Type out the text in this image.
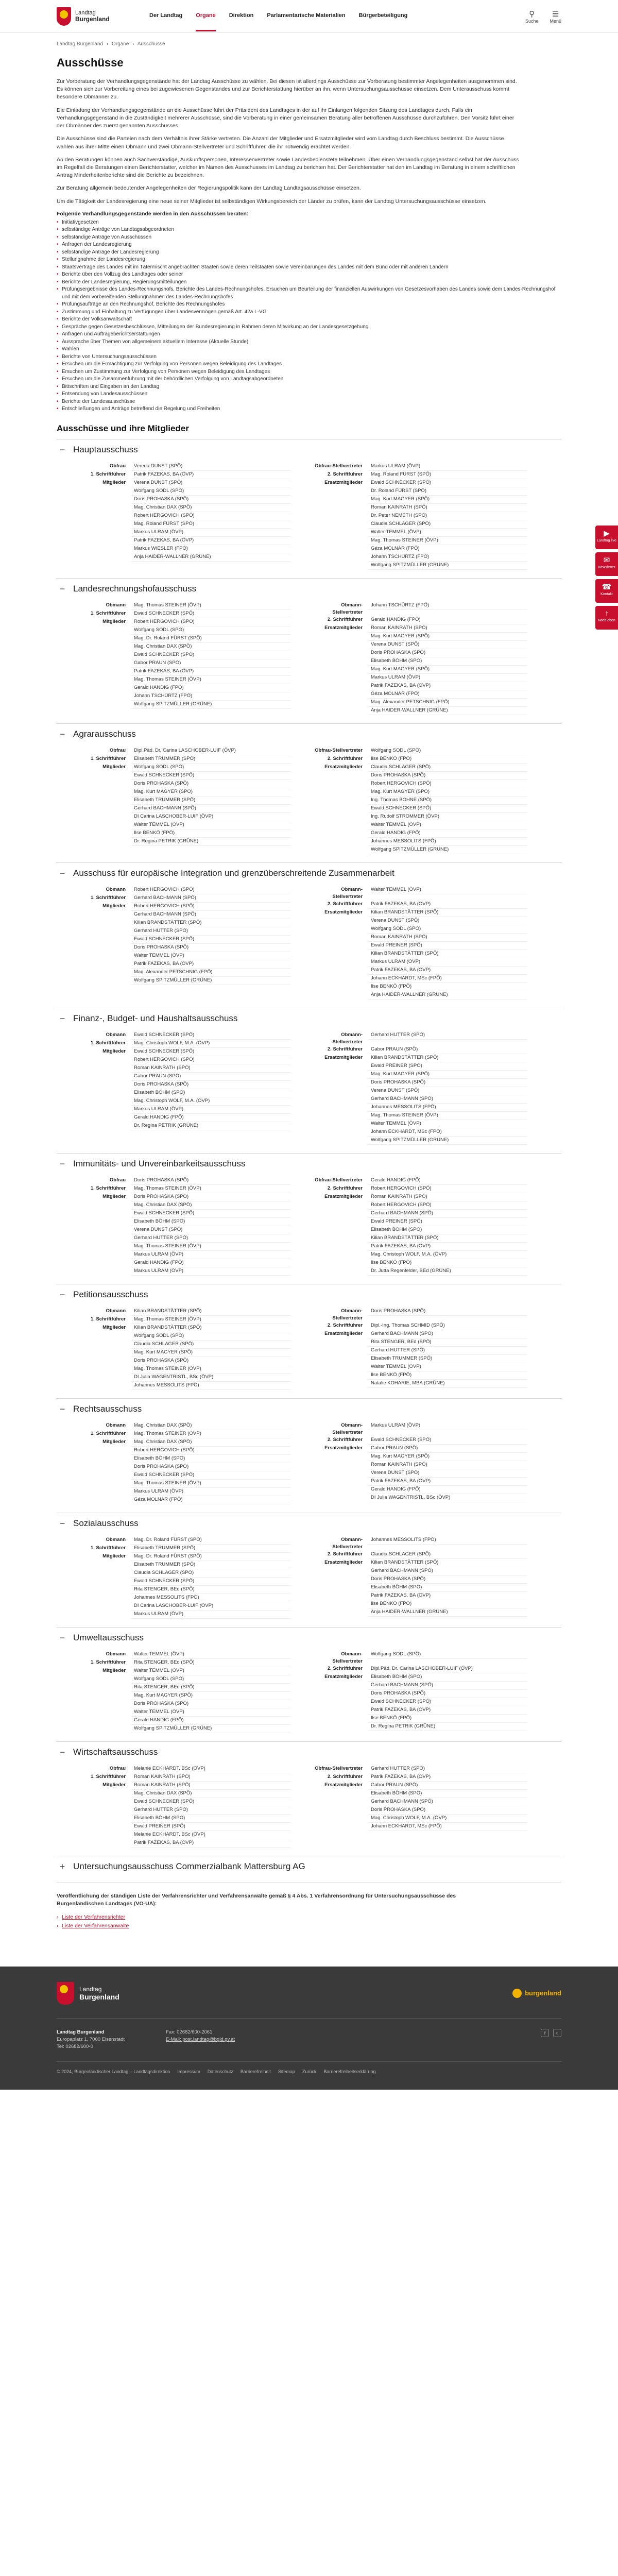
Landtag
Burgenland	Der Landtag Organe Direktion Parlamentarische Materialien Bürgerbeteiligung	⚲
Suche
☰
Menü
▶
Landtag live
✉
Newsletter
☎
Kontakt
↑
Nach oben
Landtag Burgenland › Organe › Ausschüsse
Ausschüsse

Zur Vorberatung der Verhandlungsgegenstände hat der Landtag Ausschüsse zu wählen. Bei diesen ist allerdings Ausschüsse zur Vorberatung bestimmter Angelegenheiten ausgenommen sind. Es können sich zur Vorbereitung eines bei zugewiesenen Gegenstandes und zur Berichterstattung hierüber an ihn, wenn Untersuchungsausschüsse einsetzen. Dem Unterausschuss kommt besondere Obmänner zu.

Die Einladung der Verhandlungsgegenstände an die Ausschüsse führt der Präsident des Landtages in der auf ihr Einlangen folgenden Sitzung des Landtages durch. Falls ein Verhandlungsgegenstand in die Zuständigkeit mehrerer Ausschüsse, sind die Vorberatung in einer gemeinsamen Beratung aller betroffenen Ausschüsse durchzuführen. Den Vorsitz führt einer der Obmänner des zuerst genannten Ausschusses.

Die Ausschüsse sind die Parteien nach dem Verhältnis ihrer Stärke vertreten. Die Anzahl der Mitglieder und Ersatzmitglieder wird vom Landtag durch Beschluss bestimmt. Die Ausschüsse wählen aus ihrer Mitte einen Obmann und zwei Obmann-Stellvertreter und Schriftführer, die ihr notwendig erachtet werden.

An den Beratungen können auch Sachverständige, Auskunftspersonen, Interessenvertreter sowie Landesbedienstete teilnehmen. Über einen Verhandlungsgegenstand selbst hat der Ausschuss im Regelfall die Beratungen einen Berichterstatter, welcher im Namen des Ausschusses im Landtag zu berichten hat. Der Berichterstatter hat den im Landtag im Beratung in einem schriftlichen Antrag Minderheitenberichte sind die Berichte zu bezeichnen.

Zur Beratung allgemein bedeutender Angelegenheiten der Regierungspolitik kann der Landtag Landtagsausschüsse einsetzen.

Um die Tätigkeit der Landesregierung eine neue seiner Mitglieder ist selbständigen Wirkungsbereich der Länder zu prüfen, kann der Landtag Untersuchungsausschüsse einsetzen.

Folgende Verhandlungsgegenstände werden in den Ausschüssen beraten:
• Initiativgesetzen
• selbständige Anträge von Landtagsabgeordneten
• selbständige Anträge von Ausschüssen
• Anfragen der Landesregierung
• selbständige Anträge der Landesregierung
• Stellungnahme der Landesregierung
• Staatsverträge des Landes mit im Tätermischt angebrachten Staaten sowie deren Teilstaaten sowie Vereinbarungen des Landes mit dem Bund oder mit anderen Ländern
• Berichte über den Vollzug des Landtages oder seiner
• Berichte der Landesregierung, Regierungsmitteilungen
• Prüfungsergebnisse des Landes-Rechnungshofs, Berichte des Landes-Rechnungshofes, Ersuchen um Beurteilung der finanziellen Auswirkungen von Gesetzesvorhaben des Landes sowie dem Landes-Rechnungshof und mit dem vorbereitenden Stellungnahmen des Landes-Rechnungshofes
• Prüfungsaufträge an den Rechnungshof, Berichte des Rechnungshofes
• Zustimmung und Einhaltung zu Verfügungen über Landesvermögen gemäß Art. 42a L-VG
• Berichte der Volksanwaltschaft
• Gespräche gegen Gesetzesbeschlüssen, Mitteilungen der Bundesregierung in Rahmen deren Mitwirkung an der Landesgesetzgebung
• Anfragen und Aufträgeberichtserstattungen
• Aussprache über Themen von allgemeinem aktuellem Interesse (Aktuelle Stunde)
• Wahlen
• Berichte von Untersuchungsausschüssen
• Ersuchen um die Ermächtigung zur Verfolgung von Personen wegen Beleidigung des Landtages
• Ersuchen um Zustimmung zur Verfolgung von Personen wegen Beleidigung des Landtages
• Ersuchen um die Zusammenführung mit der behördlichen Verfolgung von Landtagsabgeordneten
• Bittschriften und Eingaben an den Landtag
• Entsendung von Landesausschüssen
• Berichte der Landesausschüsse
• Entschließungen und Anträge betreffend die Regelung und Freiheiten
Ausschüsse und ihre Mitglieder
− Hauptausschuss
Obfrau	Verena DUNST (SPÖ)
1. Schriftführer	Patrik FAZEKAS, BA (ÖVP)
Mitglieder	Verena DUNST (SPÖ)
Wolfgang SODL (SPÖ)
Doris PROHASKA (SPÖ)
Mag. Christian DAX (SPÖ)
Robert HERGOVICH (SPÖ)
Mag. Roland FÜRST (SPÖ)
Markus ULRAM (ÖVP)
Patrik FAZEKAS, BA (ÖVP)
Markus WIESLER (FPÖ)
Anja HAIDER-WALLNER (GRÜNE)
Obfrau-Stellvertreter	Markus ULRAM (ÖVP)
2. Schriftführer	Mag. Roland FÜRST (SPÖ)
Ersatzmitglieder	Ewald SCHNECKER (SPÖ)
Dr. Roland FÜRST (SPÖ)
Mag. Kurt MAGYER (SPÖ)
Roman KAINRATH (SPÖ)
Dr. Peter NEMETH (SPÖ)
Claudia SCHLAGER (SPÖ)
Walter TEMMEL (ÖVP)
Mag. Thomas STEINER (ÖVP)
Géza MOLNÁR (FPÖ)
Johann TSCHÜRTZ (FPÖ)
Wolfgang SPITZMÜLLER (GRÜNE)
− Landesrechnungshofausschuss
Obmann	Mag. Thomas STEINER (ÖVP)
1. Schriftführer	Ewald SCHNECKER (SPÖ)
Mitglieder	Robert HERGOVICH (SPÖ)
Wolfgang SODL (SPÖ)
Mag. Dr. Roland FÜRST (SPÖ)
Mag. Christian DAX (SPÖ)
Ewald SCHNECKER (SPÖ)
Gabor PRAUN (SPÖ)
Patrik FAZEKAS, BA (ÖVP)
Mag. Thomas STEINER (ÖVP)
Gerald HANDIG (FPÖ)
Johann TSCHÜRTZ (FPÖ)
Wolfgang SPITZMÜLLER (GRÜNE)
Obmann-Stellvertreter
Johann TSCHÜRTZ (FPÖ)
2. Schriftführer	Gerald HANDIG (FPÖ)
Ersatzmitglieder	Roman KAINRATH (SPÖ)
Mag. Kurt MAGYER (SPÖ)
Verena DUNST (SPÖ)
Doris PROHASKA (SPÖ)
Elisabeth BÖHM (SPÖ)
Mag. Kurt MAGYER (SPÖ)
Markus ULRAM (ÖVP)
Patrik FAZEKAS, BA (ÖVP)
Géza MOLNÁR (FPÖ)
Mag. Alexander PETSCHNIG (FPÖ)
Anja HAIDER-WALLNER (GRÜNE)
− Agrarausschuss
Obfrau	Dipl.Päd. Dr. Carina LASCHOBER-LUIF (ÖVP)
1. Schriftführer	Elisabeth TRUMMER (SPÖ)
Mitglieder	Wolfgang SODL (SPÖ)
Ewald SCHNECKER (SPÖ)
Doris PROHASKA (SPÖ)
Mag. Kurt MAGYER (SPÖ)
Elisabeth TRUMMER (SPÖ)
Gerhard BACHMANN (SPÖ)
DI Carina LASCHOBER-LUIF (ÖVP)
Walter TEMMEL (ÖVP)
Ilse BENKÖ (FPÖ)
Dr. Regina PETRIK (GRÜNE)
Obfrau-Stellvertreter	Wolfgang SODL (SPÖ)
2. Schriftführer	Ilse BENKÖ (FPÖ)
Ersatzmitglieder	Claudia SCHLAGER (SPÖ)
Doris PROHASKA (SPÖ)
Robert HERGOVICH (SPÖ)
Mag. Kurt MAGYER (SPÖ)
Ing. Thomas BOHNE (SPÖ)
Ewald SCHNECKER (SPÖ)
Ing. Rudolf STROMMER (ÖVP)
Walter TEMMEL (ÖVP)
Gerald HANDIG (FPÖ)
Johannes MESSOLITS (FPÖ)
Wolfgang SPITZMÜLLER (GRÜNE)
− Ausschuss für europäische Integration und grenzüberschreitende Zusammenarbeit
Obmann	Robert HERGOVICH (SPÖ)
1. Schriftführer	Gerhard BACHMANN (SPÖ)
Mitglieder	Robert HERGOVICH (SPÖ)
Gerhard BACHMANN (SPÖ)
Kilian BRANDSTÄTTER (SPÖ)
Gerhard HUTTER (SPÖ)
Ewald SCHNECKER (SPÖ)
Doris PROHASKA (SPÖ)
Walter TEMMEL (ÖVP)
Patrik FAZEKAS, BA (ÖVP)
Mag. Alexander PETSCHNIG (FPÖ)
Wolfgang SPITZMÜLLER (GRÜNE)
Obmann-Stellvertreter
Walter TEMMEL (ÖVP)
2. Schriftführer	Patrik FAZEKAS, BA (ÖVP)
Ersatzmitglieder	Kilian BRANDSTÄTTER (SPÖ)
Verena DUNST (SPÖ)
Wolfgang SODL (SPÖ)
Roman KAINRATH (SPÖ)
Ewald PREINER (SPÖ)
Kilian BRANDSTÄTTER (SPÖ)
Markus ULRAM (ÖVP)
Patrik FAZEKAS, BA (ÖVP)
Johann ECKHARDT, MSc (FPÖ)
Ilse BENKÖ (FPÖ)
Anja HAIDER-WALLNER (GRÜNE)
− Finanz-, Budget- und Haushaltsausschuss
Obmann	Ewald SCHNECKER (SPÖ)
1. Schriftführer	Mag. Christoph WOLF, M.A. (ÖVP)
Mitglieder	Ewald SCHNECKER (SPÖ)
Robert HERGOVICH (SPÖ)
Roman KAINRATH (SPÖ)
Gabor PRAUN (SPÖ)
Doris PROHASKA (SPÖ)
Elisabeth BÖHM (SPÖ)
Mag. Christoph WOLF, M.A. (ÖVP)
Markus ULRAM (ÖVP)
Gerald HANDIG (FPÖ)
Dr. Regina PETRIK (GRÜNE)
Obmann-Stellvertreter
Gerhard HUTTER (SPÖ)
2. Schriftführer	Gabor PRAUN (SPÖ)
Ersatzmitglieder	Kilian BRANDSTÄTTER (SPÖ)
Ewald PREINER (SPÖ)
Mag. Kurt MAGYER (SPÖ)
Doris PROHASKA (SPÖ)
Verena DUNST (SPÖ)
Gerhard BACHMANN (SPÖ)
Johannes MESSOLITS (FPÖ)
Mag. Thomas STEINER (ÖVP)
Walter TEMMEL (ÖVP)
Johann ECKHARDT, MSc (FPÖ)
Wolfgang SPITZMÜLLER (GRÜNE)
− Immunitäts- und Unvereinbarkeitsausschuss
Obfrau	Doris PROHASKA (SPÖ)
1. Schriftführer	Mag. Thomas STEINER (ÖVP)
Mitglieder	Doris PROHASKA (SPÖ)
Mag. Christian DAX (SPÖ)
Ewald SCHNECKER (SPÖ)
Elisabeth BÖHM (SPÖ)
Verena DUNST (SPÖ)
Gerhard HUTTER (SPÖ)
Mag. Thomas STEINER (ÖVP)
Markus ULRAM (ÖVP)
Gerald HANDIG (FPÖ)
Markus ULRAM (ÖVP)
Obfrau-Stellvertreter	Gerald HANDIG (FPÖ)
2. Schriftführer	Robert HERGOVICH (SPÖ)
Ersatzmitglieder	Roman KAINRATH (SPÖ)
Robert HERGOVICH (SPÖ)
Gerhard BACHMANN (SPÖ)
Ewald PREINER (SPÖ)
Elisabeth BÖHM (SPÖ)
Kilian BRANDSTÄTTER (SPÖ)
Patrik FAZEKAS, BA (ÖVP)
Mag. Christoph WOLF, M.A. (ÖVP)
Ilse BENKÖ (FPÖ)
Dr. Jutta Regenfelder, BEd (GRÜNE)
− Petitionsausschuss
Obmann	Kilian BRANDSTÄTTER (SPÖ)
1. Schriftführer	Mag. Thomas STEINER (ÖVP)
Mitglieder	Kilian BRANDSTÄTTER (SPÖ)
Wolfgang SODL (SPÖ)
Claudia SCHLAGER (SPÖ)
Mag. Kurt MAGYER (SPÖ)
Doris PROHASKA (SPÖ)
Mag. Thomas STEINER (ÖVP)
DI Julia WAGENTRISTL, BSc (ÖVP)
Johannes MESSOLITS (FPÖ)
Obmann-Stellvertreter
Doris PROHASKA (SPÖ)
2. Schriftführer	Dipl.-Ing. Thomas SCHMID (SPÖ)
Ersatzmitglieder	Gerhard BACHMANN (SPÖ)
Rita STENGER, BEd (SPÖ)
Gerhard HUTTER (SPÖ)
Elisabeth TRUMMER (SPÖ)
Walter TEMMEL (ÖVP)
Ilse BENKÖ (FPÖ)
Natalie KOHARIE, MBA (GRÜNE)
− Rechtsausschuss
Obmann	Mag. Christian DAX (SPÖ)
1. Schriftführer	Mag. Thomas STEINER (ÖVP)
Mitglieder	Mag. Christian DAX (SPÖ)
Robert HERGOVICH (SPÖ)
Elisabeth BÖHM (SPÖ)
Doris PROHASKA (SPÖ)
Ewald SCHNECKER (SPÖ)
Mag. Thomas STEINER (ÖVP)
Markus ULRAM (ÖVP)
Géza MOLNÁR (FPÖ)
Obmann-Stellvertreter
Markus ULRAM (ÖVP)
2. Schriftführer	Ewald SCHNECKER (SPÖ)
Ersatzmitglieder	Gabor PRAUN (SPÖ)
Mag. Kurt MAGYER (SPÖ)
Roman KAINRATH (SPÖ)
Verena DUNST (SPÖ)
Patrik FAZEKAS, BA (ÖVP)
Gerald HANDIG (FPÖ)
DI Julia WAGENTRISTL, BSc (ÖVP)
− Sozialausschuss
Obmann	Mag. Dr. Roland FÜRST (SPÖ)
1. Schriftführer	Elisabeth TRUMMER (SPÖ)
Mitglieder	Mag. Dr. Roland FÜRST (SPÖ)
Elisabeth TRUMMER (SPÖ)
Claudia SCHLAGER (SPÖ)
Ewald SCHNECKER (SPÖ)
Rita STENGER, BEd (SPÖ)
Johannes MESSOLITS (FPÖ)
DI Carina LASCHOBER-LUIF (ÖVP)
Markus ULRAM (ÖVP)
Obmann-Stellvertreter
Johannes MESSOLITS (FPÖ)
2. Schriftführer	Claudia SCHLAGER (SPÖ)
Ersatzmitglieder	Kilian BRANDSTÄTTER (SPÖ)
Gerhard BACHMANN (SPÖ)
Doris PROHASKA (SPÖ)
Elisabeth BÖHM (SPÖ)
Patrik FAZEKAS, BA (ÖVP)
Ilse BENKÖ (FPÖ)
Anja HAIDER-WALLNER (GRÜNE)
− Umweltausschuss
Obmann	Walter TEMMEL (ÖVP)
1. Schriftführer	Rita STENGER, BEd (SPÖ)
Mitglieder	Walter TEMMEL (ÖVP)
Wolfgang SODL (SPÖ)
Rita STENGER, BEd (SPÖ)
Mag. Kurt MAGYER (SPÖ)
Doris PROHASKA (SPÖ)
Walter TEMMEL (ÖVP)
Gerald HANDIG (FPÖ)
Wolfgang SPITZMÜLLER (GRÜNE)
Obmann-Stellvertreter
Wolfgang SODL (SPÖ)
2. Schriftführer	Dipl.Päd. Dr. Carina LASCHOBER-LUIF (ÖVP)
Ersatzmitglieder	Elisabeth BÖHM (SPÖ)
Gerhard BACHMANN (SPÖ)
Doris PROHASKA (SPÖ)
Ewald SCHNECKER (SPÖ)
Patrik FAZEKAS, BA (ÖVP)
Ilse BENKÖ (FPÖ)
Dr. Regina PETRIK (GRÜNE)
− Wirtschaftsausschuss
Obfrau	Melanie ECKHARDT, BSc (ÖVP)
1. Schriftführer	Roman KAINRATH (SPÖ)
Mitglieder	Roman KAINRATH (SPÖ)
Mag. Christian DAX (SPÖ)
Ewald SCHNECKER (SPÖ)
Gerhard HUTTER (SPÖ)
Elisabeth BÖHM (SPÖ)
Ewald PREINER (SPÖ)
Melanie ECKHARDT, BSc (ÖVP)
Patrik FAZEKAS, BA (ÖVP)
Obfrau-Stellvertreter	Gerhard HUTTER (SPÖ)
2. Schriftführer	Patrik FAZEKAS, BA (ÖVP)
Ersatzmitglieder	Gabor PRAUN (SPÖ)
Elisabeth BÖHM (SPÖ)
Gerhard BACHMANN (SPÖ)
Doris PROHASKA (SPÖ)
Mag. Christoph WOLF, M.A. (ÖVP)
Johann ECKHARDT, MSc (FPÖ)
+ Untersuchungsausschuss Commerzialbank Mattersburg AG

Veröffentlichung der ständigen Liste der Verfahrensrichter und Verfahrensanwälte gemäß § 4 Abs. 1 Verfahrensordnung für Untersuchungsausschüsse des Burgenländischen Landtages (VO-UA):

› Liste der Verfahrensrichter
› Liste der Verfahrensanwälte
Landtag
Burgenland	burgenland
Landtag Burgenland
Europaplatz 1, 7000 Eisenstadt
Tel: 02682/600-0
Fax: 02682/600-2061
E-Mail: post.landtag@bgld.gv.at
f	○
© 2024, Burgenländischer Landtag – Landtagsdirektion Impressum Datenschutz Barrierefreiheit Sitemap Zurück Barrierefreiheitserklärung
